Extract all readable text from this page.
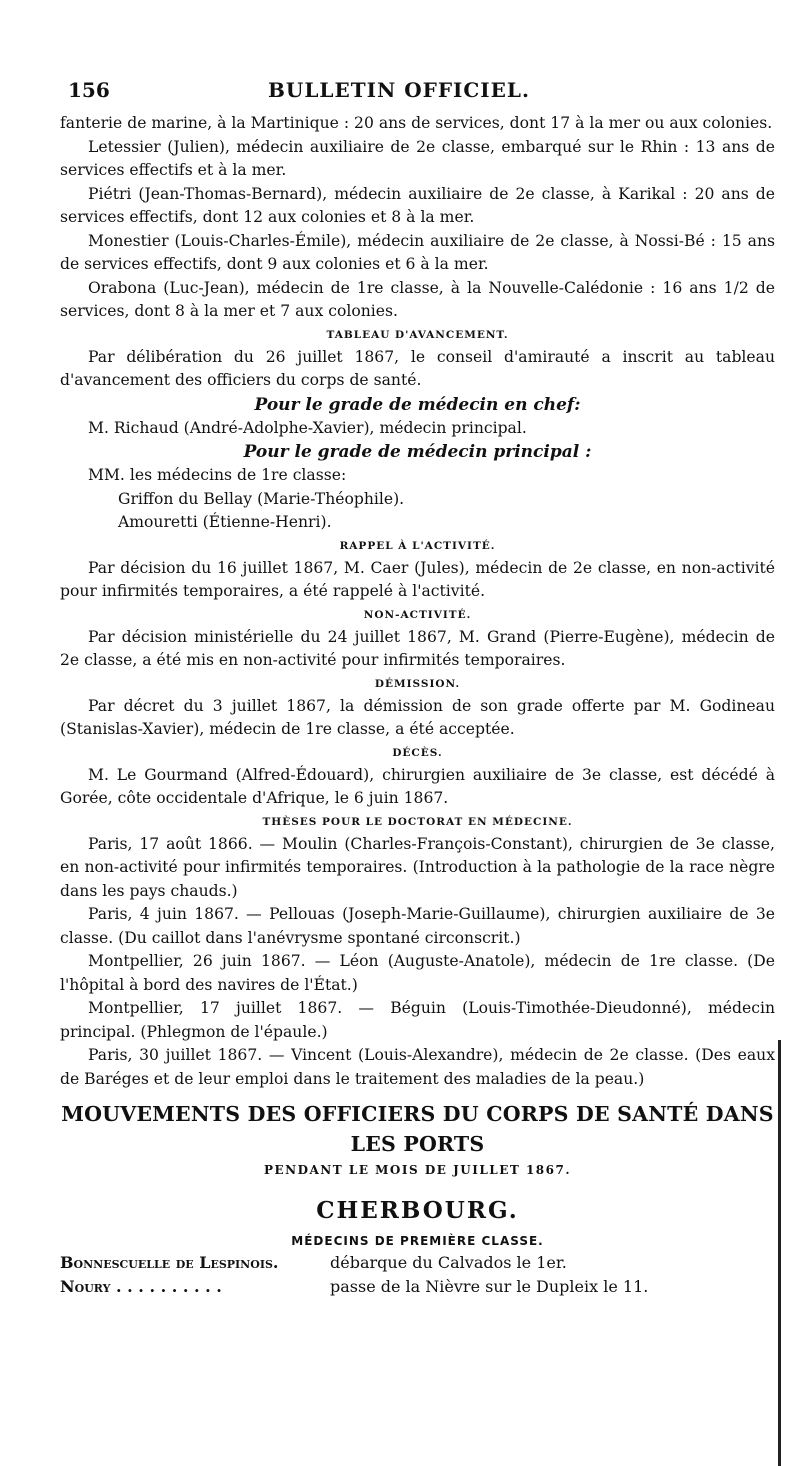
156	BULLETIN OFFICIEL.

fanterie de marine, à la Martinique : 20 ans de services, dont 17 à la mer ou aux colonies.

Letessier (Julien), médecin auxiliaire de 2e classe, embarqué sur le Rhin : 13 ans de services effectifs et à la mer.

Piétri (Jean-Thomas-Bernard), médecin auxiliaire de 2e classe, à Karikal : 20 ans de services effectifs, dont 12 aux colonies et 8 à la mer.

Monestier (Louis-Charles-Émile), médecin auxiliaire de 2e classe, à Nossi-Bé : 15 ans de services effectifs, dont 9 aux colonies et 6 à la mer.

Orabona (Luc-Jean), médecin de 1re classe, à la Nouvelle-Calédonie : 16 ans 1/2 de services, dont 8 à la mer et 7 aux colonies.

TABLEAU D'AVANCEMENT.

Par délibération du 26 juillet 1867, le conseil d'amirauté a inscrit au tableau d'avancement des officiers du corps de santé.

Pour le grade de médecin en chef:

M. Richaud (André-Adolphe-Xavier), médecin principal.

Pour le grade de médecin principal :

MM. les médecins de 1re classe:

Griffon du Bellay (Marie-Théophile).

Amouretti (Étienne-Henri).

RAPPEL À L'ACTIVITÉ.

Par décision du 16 juillet 1867, M. Caer (Jules), médecin de 2e classe, en non-activité pour infirmités temporaires, a été rappelé à l'activité.

NON-ACTIVITÉ.

Par décision ministérielle du 24 juillet 1867, M. Grand (Pierre-Eugène), médecin de 2e classe, a été mis en non-activité pour infirmités temporaires.

DÉMISSION.

Par décret du 3 juillet 1867, la démission de son grade offerte par M. Godineau (Stanislas-Xavier), médecin de 1re classe, a été acceptée.

DÉCÈS.

M. Le Gourmand (Alfred-Édouard), chirurgien auxiliaire de 3e classe, est décédé à Gorée, côte occidentale d'Afrique, le 6 juin 1867.

THÈSES POUR LE DOCTORAT EN MÉDECINE.

Paris, 17 août 1866. — Moulin (Charles-François-Constant), chirurgien de 3e classe, en non-activité pour infirmités temporaires. (Introduction à la pathologie de la race nègre dans les pays chauds.)

Paris, 4 juin 1867. — Pellouas (Joseph-Marie-Guillaume), chirurgien auxiliaire de 3e classe. (Du caillot dans l'anévrysme spontané circonscrit.)

Montpellier, 26 juin 1867. — Léon (Auguste-Anatole), médecin de 1re classe. (De l'hôpital à bord des navires de l'État.)

Montpellier, 17 juillet 1867. — Béguin (Louis-Timothée-Dieudonné), médecin principal. (Phlegmon de l'épaule.)

Paris, 30 juillet 1867. — Vincent (Louis-Alexandre), médecin de 2e classe. (Des eaux de Baréges et de leur emploi dans le traitement des maladies de la peau.)

MOUVEMENTS DES OFFICIERS DU CORPS DE SANTÉ DANS LES PORTS
PENDANT LE MOIS DE JUILLET 1867.
CHERBOURG.
MÉDECINS DE PREMIÈRE CLASSE.
Bonnescuelle de Lespinois.	débarque du Calvados le 1er.
Noury . . . . . . . . . .	passe de la Nièvre sur le Dupleix le 11.
